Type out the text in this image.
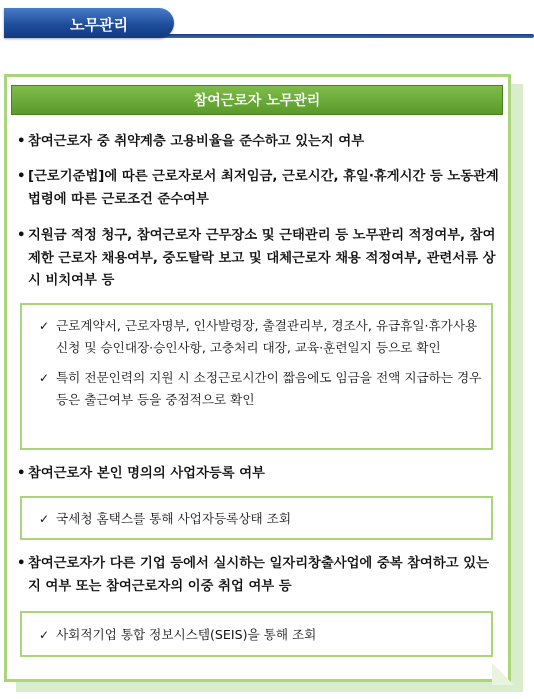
노무관리
참여근로자 노무관리
• 참여근로자 중 취약계층 고용비율을 준수하고 있는지 여부
• [근로기준법]에 따른 근로자로서 최저임금, 근로시간, 휴일·휴게시간 등 노동관계법령에 따른 근로조건 준수여부
• 지원금 적정 청구, 참여근로자 근무장소 및 근태관리 등 노무관리 적정여부, 참여제한 근로자 채용여부, 중도탈락 보고 및 대체근로자 채용 적정여부, 관련서류 상시 비치여부 등
✓ 근로계약서, 근로자명부, 인사발령장, 출결관리부, 경조사, 유급휴일·휴가사용 신청 및 승인대장·승인사항, 고충처리 대장, 교육·훈련일지 등으로 확인
✓ 특히 전문인력의 지원 시 소정근로시간이 짧음에도 임금을 전액 지급하는 경우 등은 출근여부 등을 중점적으로 확인
• 참여근로자 본인 명의의 사업자등록 여부
✓ 국세청 홈택스를 통해 사업자등록상태 조회
• 참여근로자가 다른 기업 등에서 실시하는 일자리창출사업에 중복 참여하고 있는지 여부 또는 참여근로자의 이중 취업 여부 등
✓ 사회적기업 통합 정보시스템(SEIS)을 통해 조회
